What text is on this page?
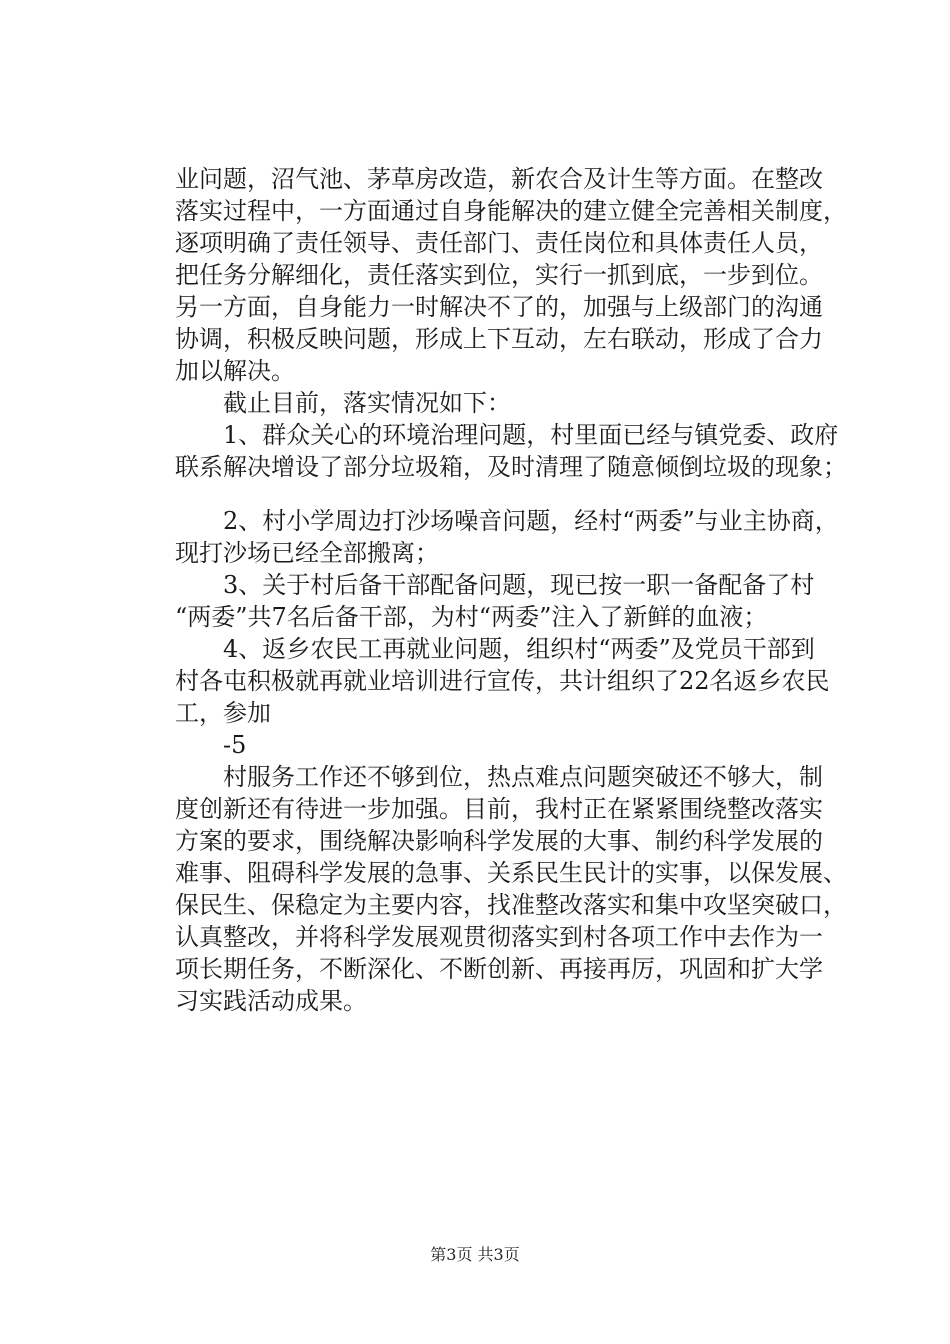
业问题，沼气池、茅草房改造，新农合及计生等方面。在整改
落实过程中，一方面通过自身能解决的建立健全完善相关制度，
逐项明确了责任领导、责任部门、责任岗位和具体责任人员，
把任务分解细化，责任落实到位，实行一抓到底，一步到位。
另一方面，自身能力一时解决不了的，加强与上级部门的沟通
协调，积极反映问题，形成上下互动，左右联动，形成了合力
加以解决。
　　截止目前，落实情况如下：
　　1、群众关心的环境治理问题，村里面已经与镇党委、政府
联系解决增设了部分垃圾箱，及时清理了随意倾倒垃圾的现象；
　　2、村小学周边打沙场噪音问题，经村“两委”与业主协商，
现打沙场已经全部搬离；
　　3、关于村后备干部配备问题，现已按一职一备配备了村
“两委”共7名后备干部，为村“两委”注入了新鲜的血液；
　　4、返乡农民工再就业问题，组织村“两委”及党员干部到
村各屯积极就再就业培训进行宣传，共计组织了22名返乡农民
工，参加
　　-5
　　村服务工作还不够到位，热点难点问题突破还不够大，制
度创新还有待进一步加强。目前，我村正在紧紧围绕整改落实
方案的要求，围绕解决影响科学发展的大事、制约科学发展的
难事、阻碍科学发展的急事、关系民生民计的实事，以保发展、
保民生、保稳定为主要内容，找准整改落实和集中攻坚突破口，
认真整改，并将科学发展观贯彻落实到村各项工作中去作为一
项长期任务，不断深化、不断创新、再接再厉，巩固和扩大学
习实践活动成果。
第3页 共3页
